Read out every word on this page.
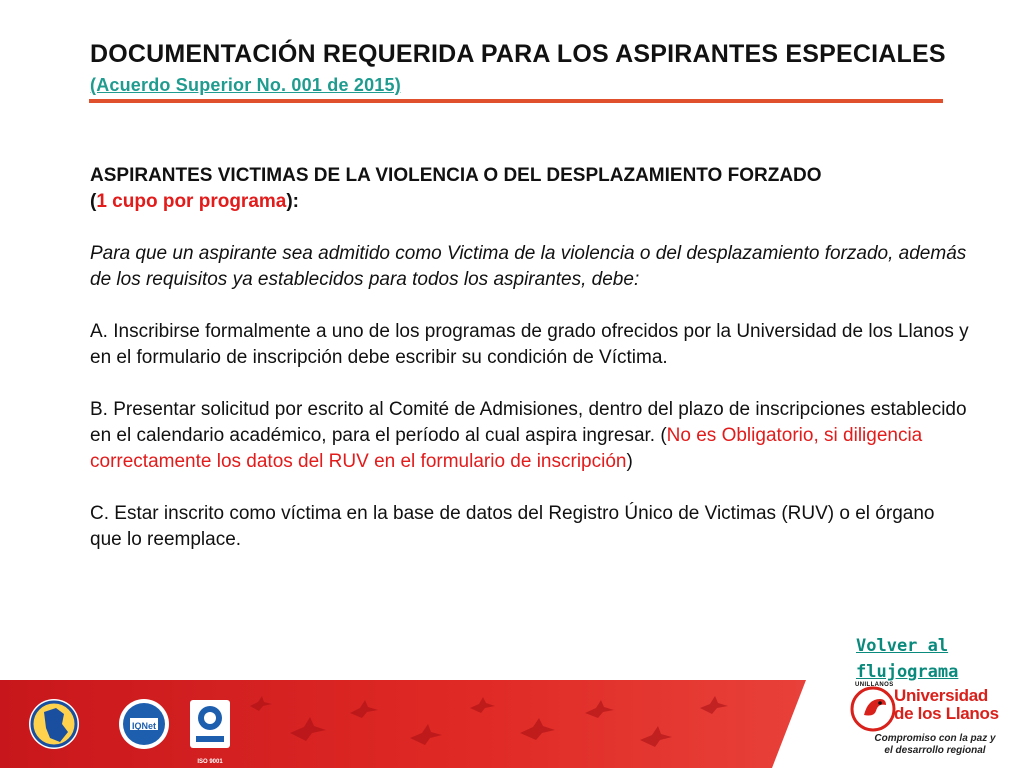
DOCUMENTACIÓN REQUERIDA PARA LOS ASPIRANTES ESPECIALES (Acuerdo Superior No. 001 de 2015)

ASPIRANTES VICTIMAS DE LA VIOLENCIA O DEL DESPLAZAMIENTO FORZADO
(1 cupo por programa):

Para que un aspirante sea admitido como Victima de la violencia o del desplazamiento forzado, además de los requisitos ya establecidos para todos los aspirantes, debe:

A. Inscribirse formalmente a uno de los programas de grado ofrecidos por la Universidad de los Llanos y en el formulario de inscripción debe escribir su condición de Víctima.

B. Presentar solicitud por escrito al Comité de Admisiones, dentro del plazo de inscripciones establecido en el calendario académico, para el período al cual aspira ingresar. (No es Obligatorio, si diligencia correctamente los datos del RUV en el formulario de inscripción)

C. Estar inscrito como víctima en la base de datos del Registro Único de Victimas (RUV) o el órgano que lo reemplace.

Volver al
flujograma
IQNet
ISO 9001
UNILLANOS
Universidad
de los Llanos
Compromiso con la paz y
el desarrollo regional
